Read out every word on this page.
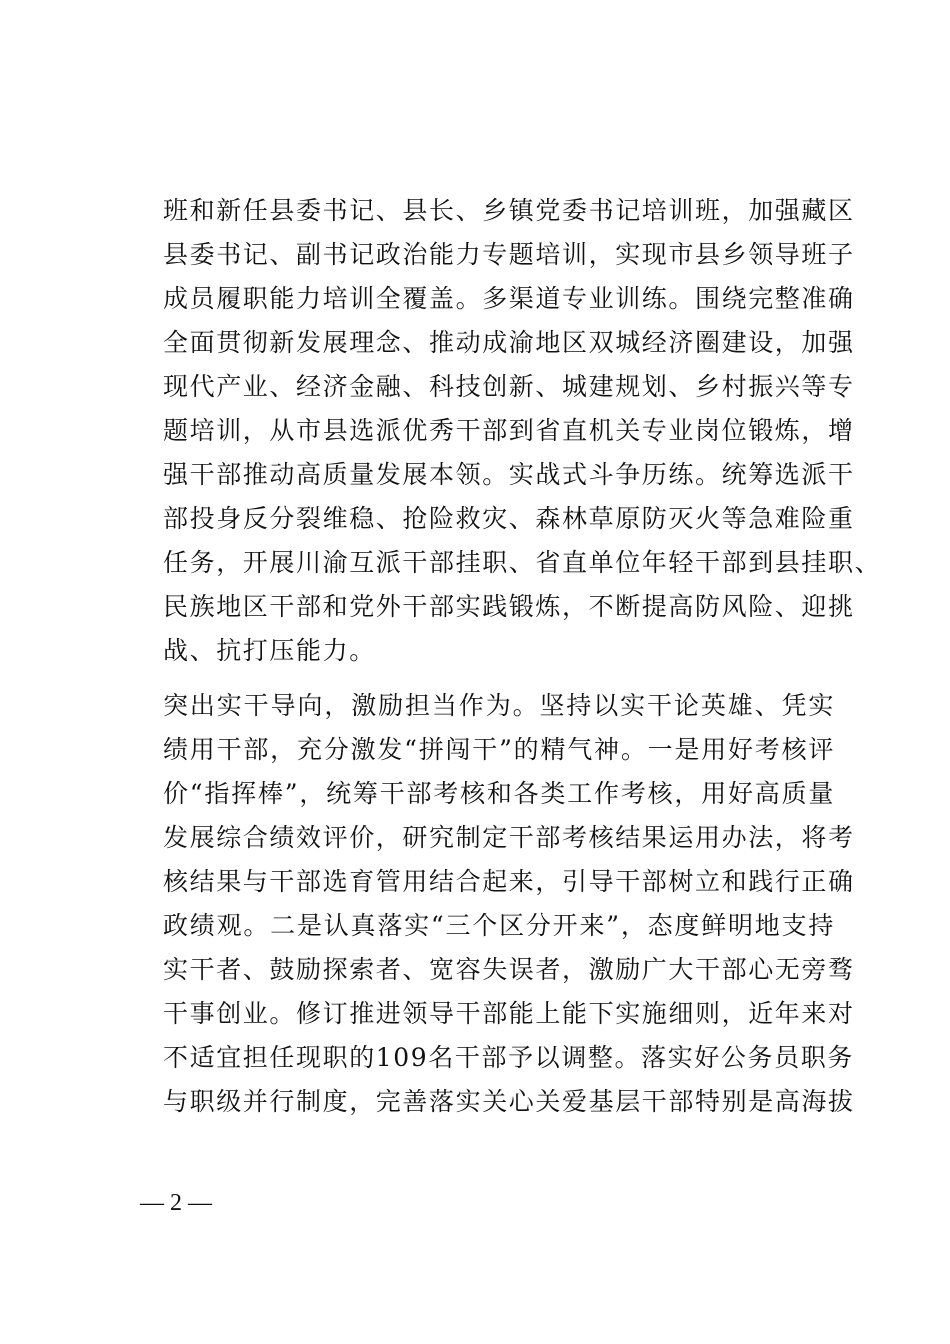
班和新任县委书记、县长、乡镇党委书记培训班，加强藏区
县委书记、副书记政治能力专题培训，实现市县乡领导班子
成员履职能力培训全覆盖。多渠道专业训练。围绕完整准确
全面贯彻新发展理念、推动成渝地区双城经济圈建设，加强
现代产业、经济金融、科技创新、城建规划、乡村振兴等专
题培训，从市县选派优秀干部到省直机关专业岗位锻炼，增
强干部推动高质量发展本领。实战式斗争历练。统筹选派干
部投身反分裂维稳、抢险救灾、森林草原防灭火等急难险重
任务，开展川渝互派干部挂职、省直单位年轻干部到县挂职、
民族地区干部和党外干部实践锻炼，不断提高防风险、迎挑
战、抗打压能力。
突出实干导向，激励担当作为。坚持以实干论英雄、凭实
绩用干部，充分激发“拼闯干”的精气神。一是用好考核评
价“指挥棒”，统筹干部考核和各类工作考核，用好高质量
发展综合绩效评价，研究制定干部考核结果运用办法，将考
核结果与干部选育管用结合起来，引导干部树立和践行正确
政绩观。二是认真落实“三个区分开来”，态度鲜明地支持
实干者、鼓励探索者、宽容失误者，激励广大干部心无旁骛
干事创业。修订推进领导干部能上能下实施细则，近年来对
不适宜担任现职的109名干部予以调整。落实好公务员职务
与职级并行制度，完善落实关心关爱基层干部特别是高海拔
— 2 —
